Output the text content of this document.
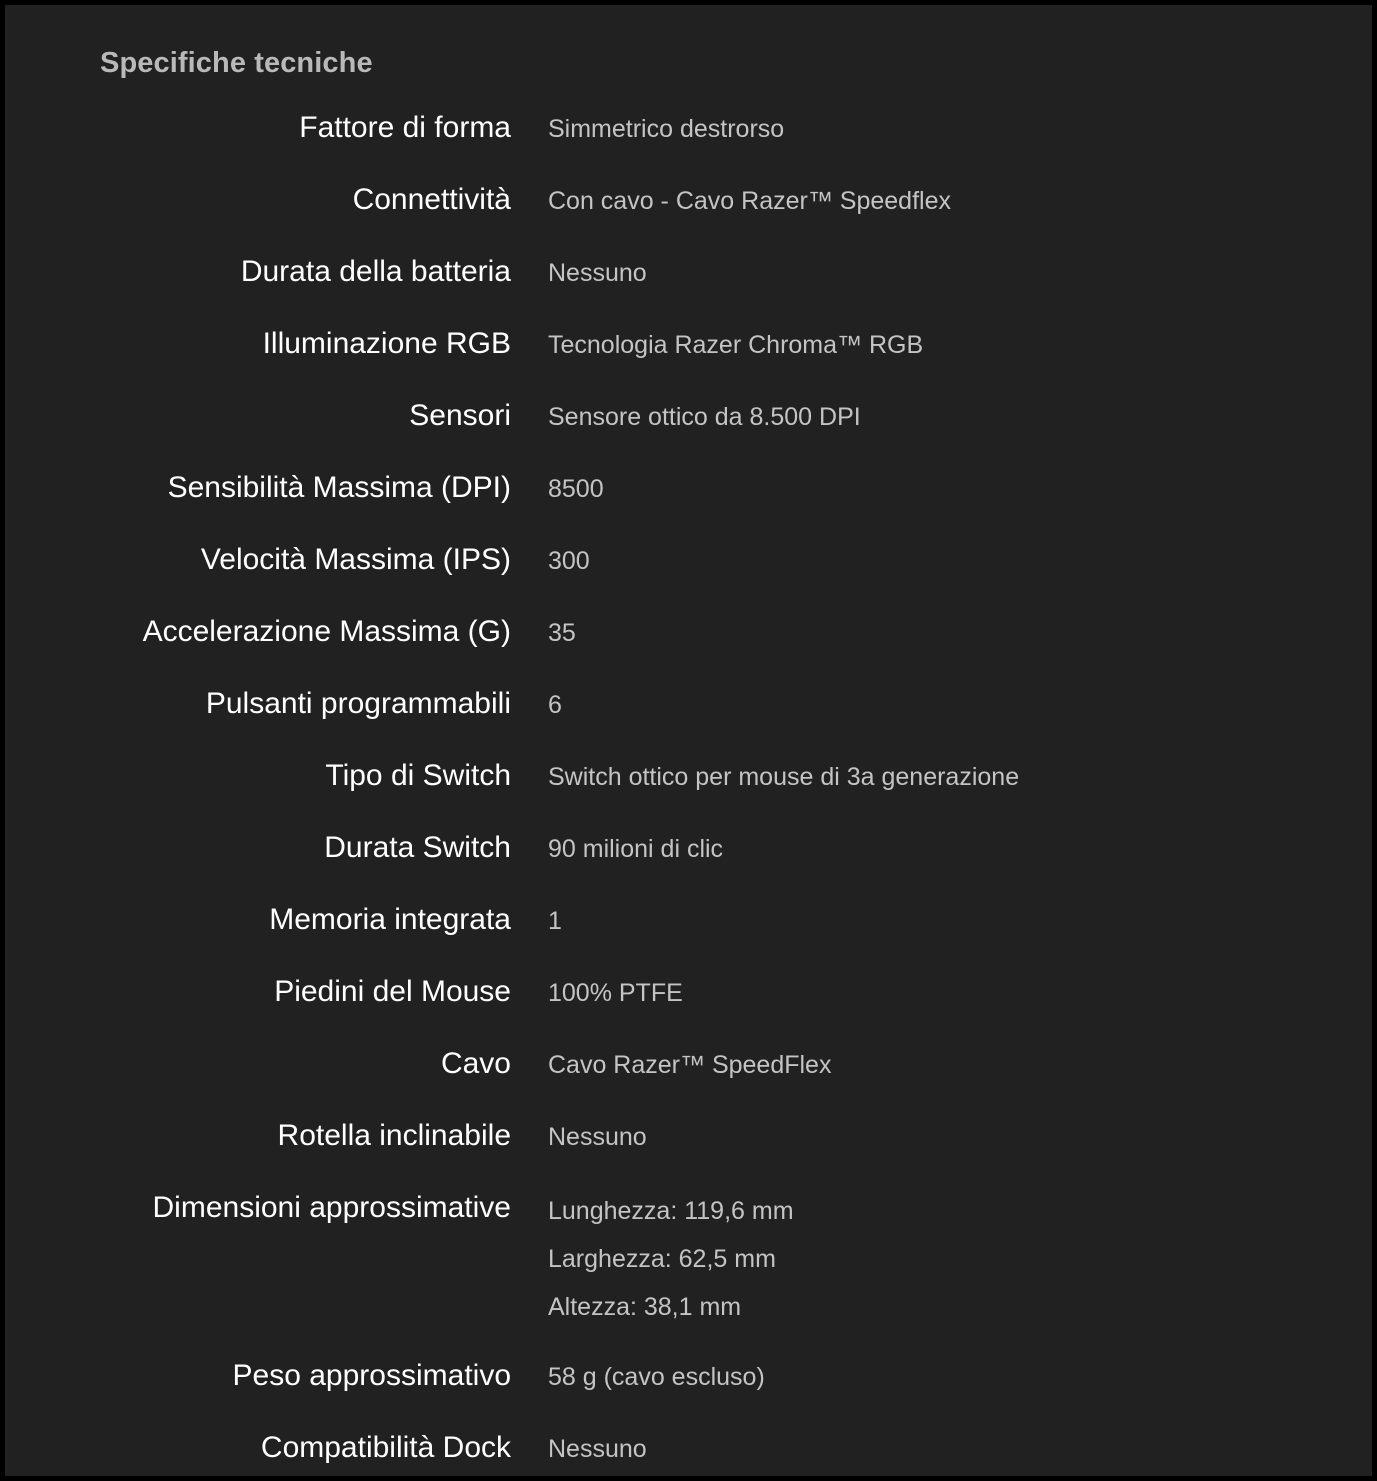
Specifiche tecniche
Fattore di forma Simmetrico destrorso
Connettività Con cavo - Cavo Razer™ Speedflex
Durata della batteria Nessuno
Illuminazione RGB Tecnologia Razer Chroma™ RGB
Sensori Sensore ottico da 8.500 DPI
Sensibilità Massima (DPI) 8500
Velocità Massima (IPS) 300
Accelerazione Massima (G) 35
Pulsanti programmabili 6
Tipo di Switch Switch ottico per mouse di 3a generazione
Durata Switch 90 milioni di clic
Memoria integrata 1
Piedini del Mouse 100% PTFE
Cavo Cavo Razer™ SpeedFlex
Rotella inclinabile Nessuno
Dimensioni approssimative Lunghezza: 119,6 mm
Larghezza: 62,5 mm
Altezza: 38,1 mm
Peso approssimativo 58 g (cavo escluso)
Compatibilità Dock Nessuno
